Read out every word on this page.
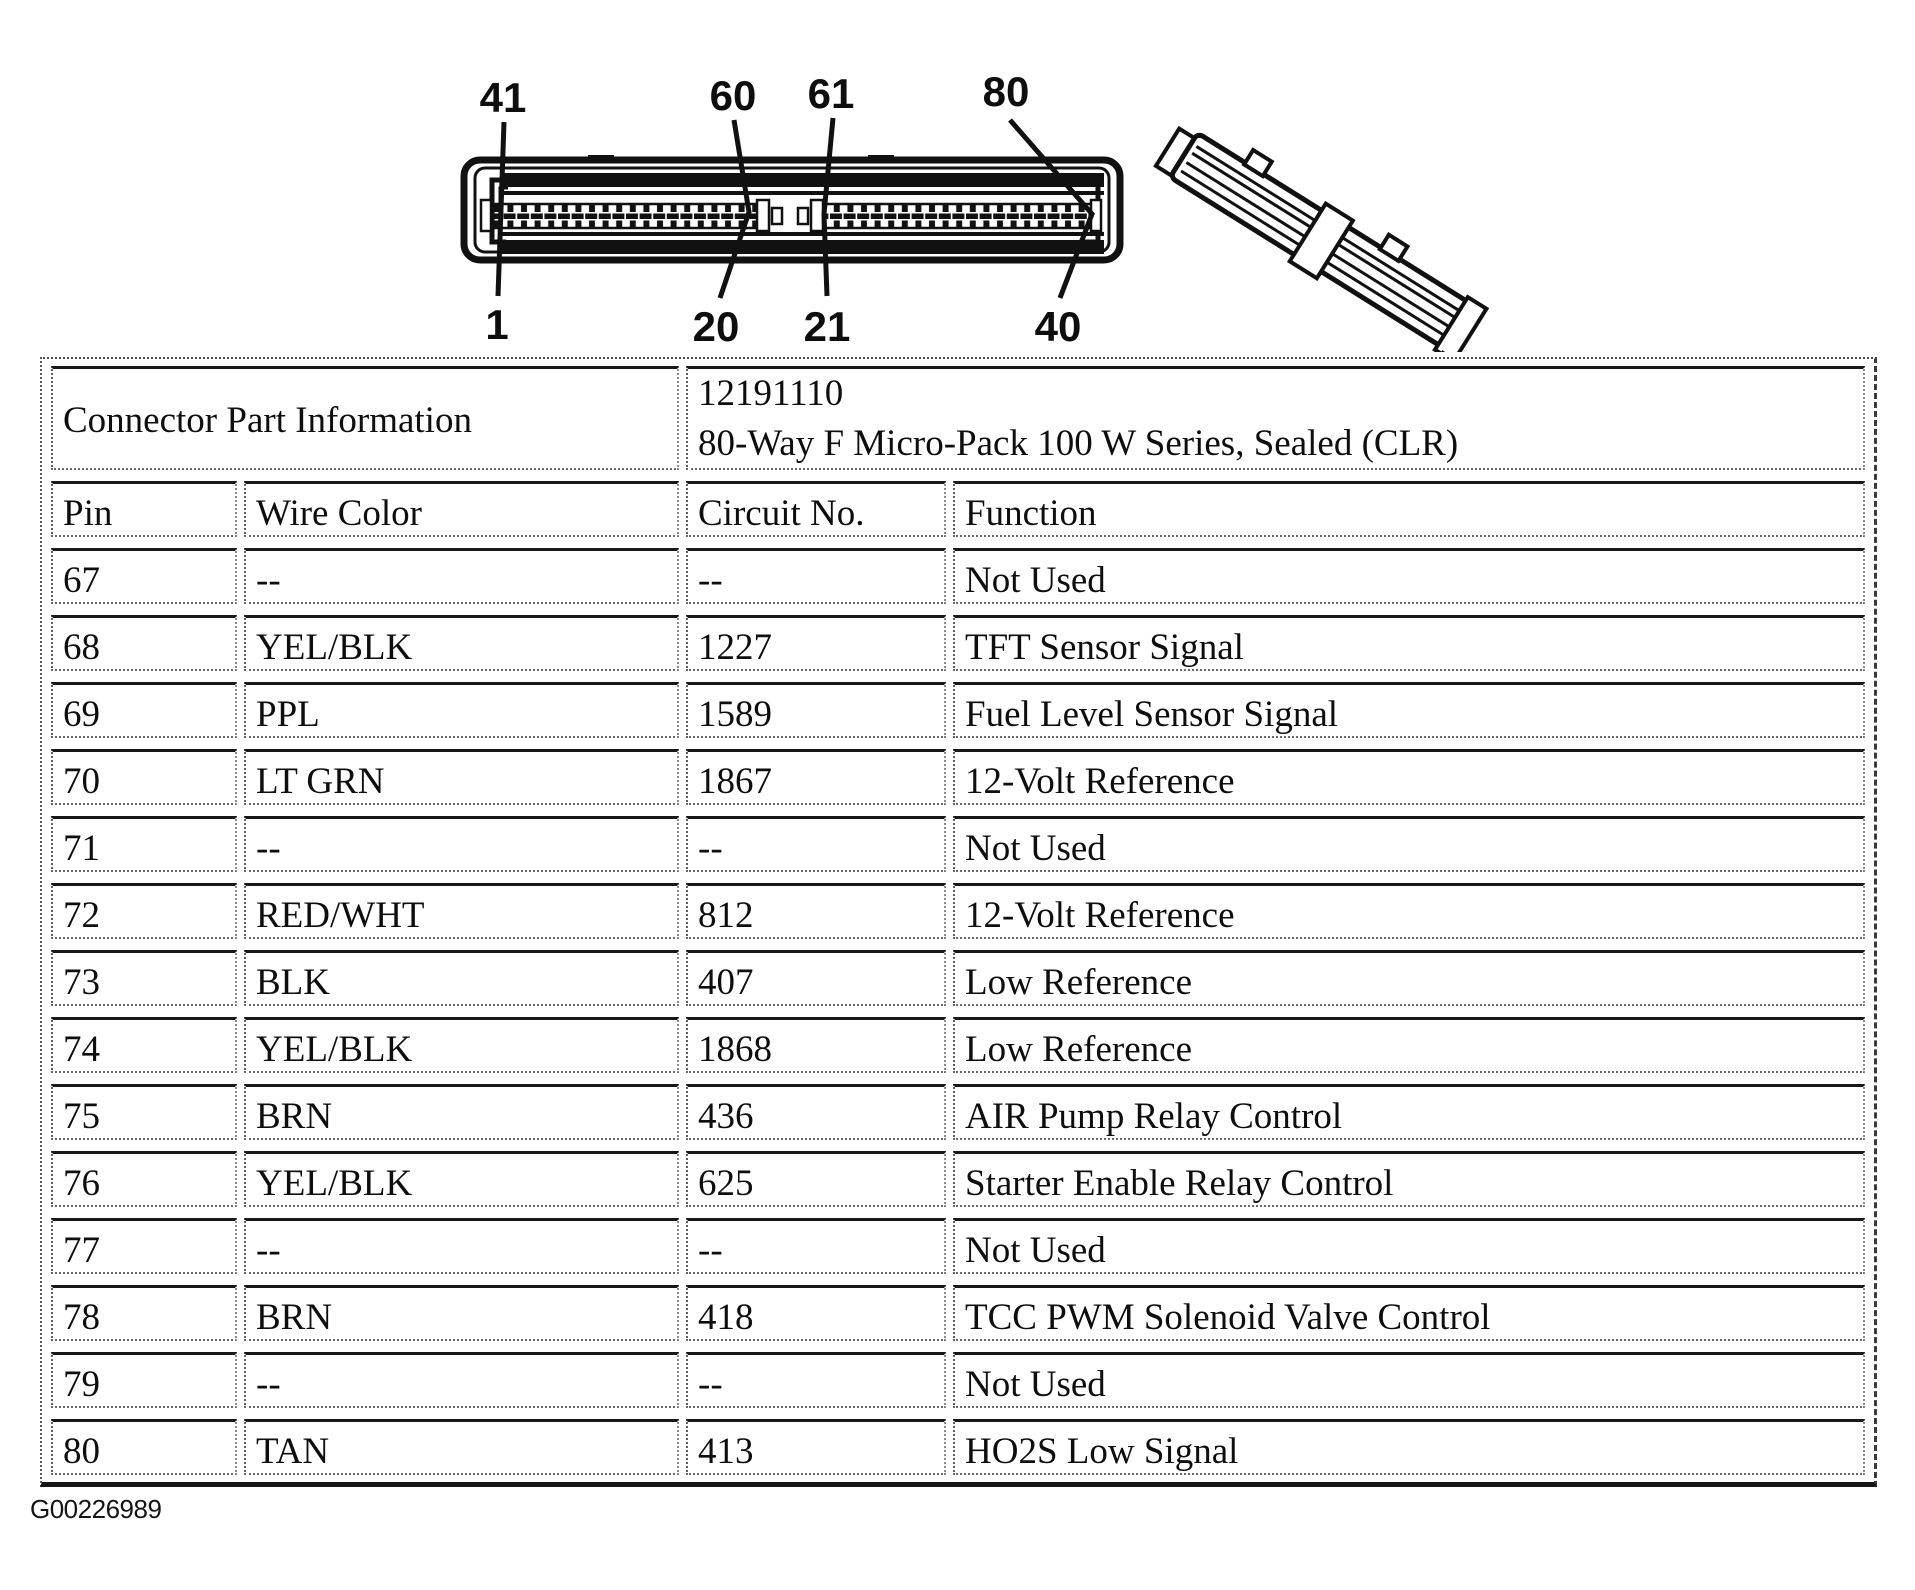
41	60 61	80
1	20 21	40
Connector Part Information
12191110
80-Way F Micro-Pack 100 W Series, Sealed (CLR)
Pin	Wire Color	Circuit No.	Function
67	--	--	Not Used
68	YEL/BLK	1227	TFT Sensor Signal
69	PPL	1589	Fuel Level Sensor Signal
70	LT GRN	1867	12-Volt Reference
71	--	--	Not Used
72	RED/WHT	812	12-Volt Reference
73	BLK	407	Low Reference
74	YEL/BLK	1868	Low Reference
75	BRN	436	AIR Pump Relay Control
76	YEL/BLK	625	Starter Enable Relay Control
77	--	--	Not Used
78	BRN	418	TCC PWM Solenoid Valve Control
79	--	--	Not Used
80	TAN	413	HO2S Low Signal
G00226989
